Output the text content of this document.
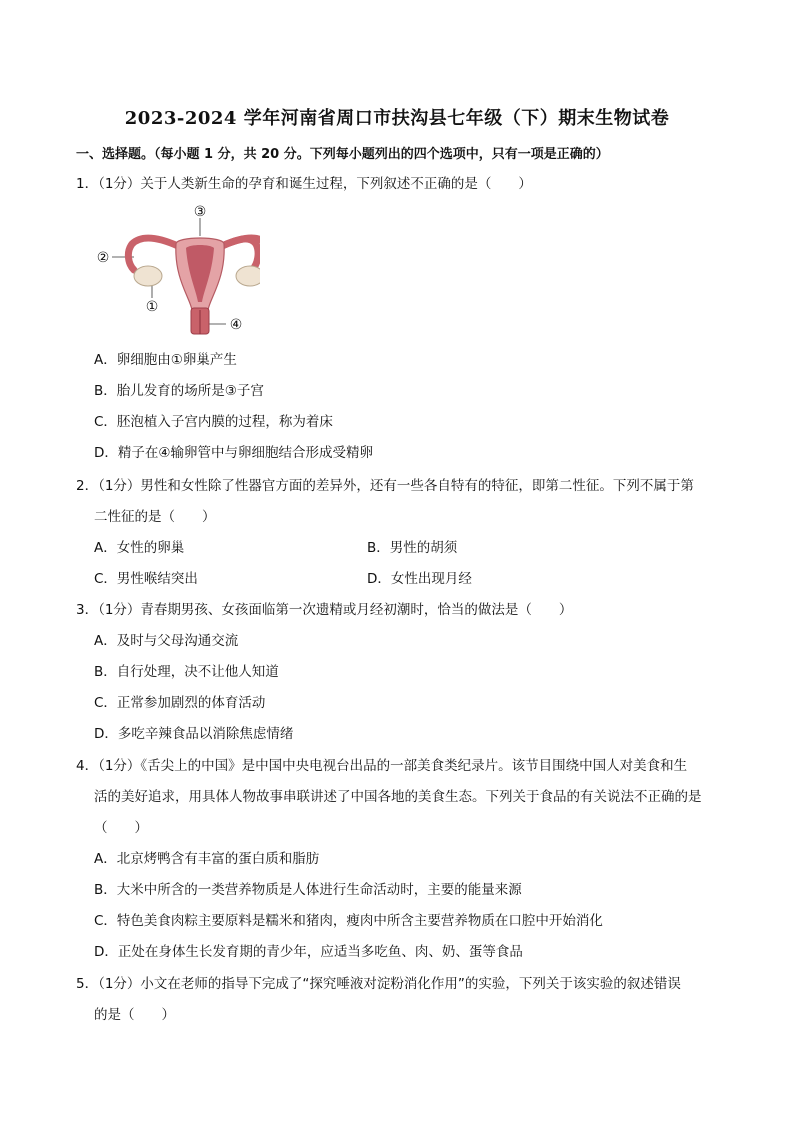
2023-2024 学年河南省周口市扶沟县七年级（下）期末生物试卷
一、选择题。（每小题 1 分，共 20 分。下列每小题列出的四个选项中，只有一项是正确的）
1．（1分）关于人类新生命的孕育和诞生过程，下列叙述不正确的是（　　）
①
②
③
④
A．卵细胞由①卵巢产生
B．胎儿发育的场所是③子宫
C．胚泡植入子宫内膜的过程，称为着床
D．精子在④输卵管中与卵细胞结合形成受精卵
2．（1分）男性和女性除了性器官方面的差异外，还有一些各自特有的特征，即第二性征。下列不属于第
二性征的是（　　）
A．女性的卵巢	B．男性的胡须
C．男性喉结突出	D．女性出现月经
3．（1分）青春期男孩、女孩面临第一次遗精或月经初潮时，恰当的做法是（　　）
A．及时与父母沟通交流
B．自行处理，决不让他人知道
C．正常参加剧烈的体育活动
D．多吃辛辣食品以消除焦虑情绪
4．（1分）《舌尖上的中国》是中国中央电视台出品的一部美食类纪录片。该节目围绕中国人对美食和生
活的美好追求，用具体人物故事串联讲述了中国各地的美食生态。下列关于食品的有关说法不正确的是
（　　）
A．北京烤鸭含有丰富的蛋白质和脂肪
B．大米中所含的一类营养物质是人体进行生命活动时，主要的能量来源
C．特色美食肉粽主要原料是糯米和猪肉，瘦肉中所含主要营养物质在口腔中开始消化
D．正处在身体生长发育期的青少年，应适当多吃鱼、肉、奶、蛋等食品
5．（1分）小文在老师的指导下完成了“探究唾液对淀粉消化作用”的实验，下列关于该实验的叙述错误
的是（　　）
